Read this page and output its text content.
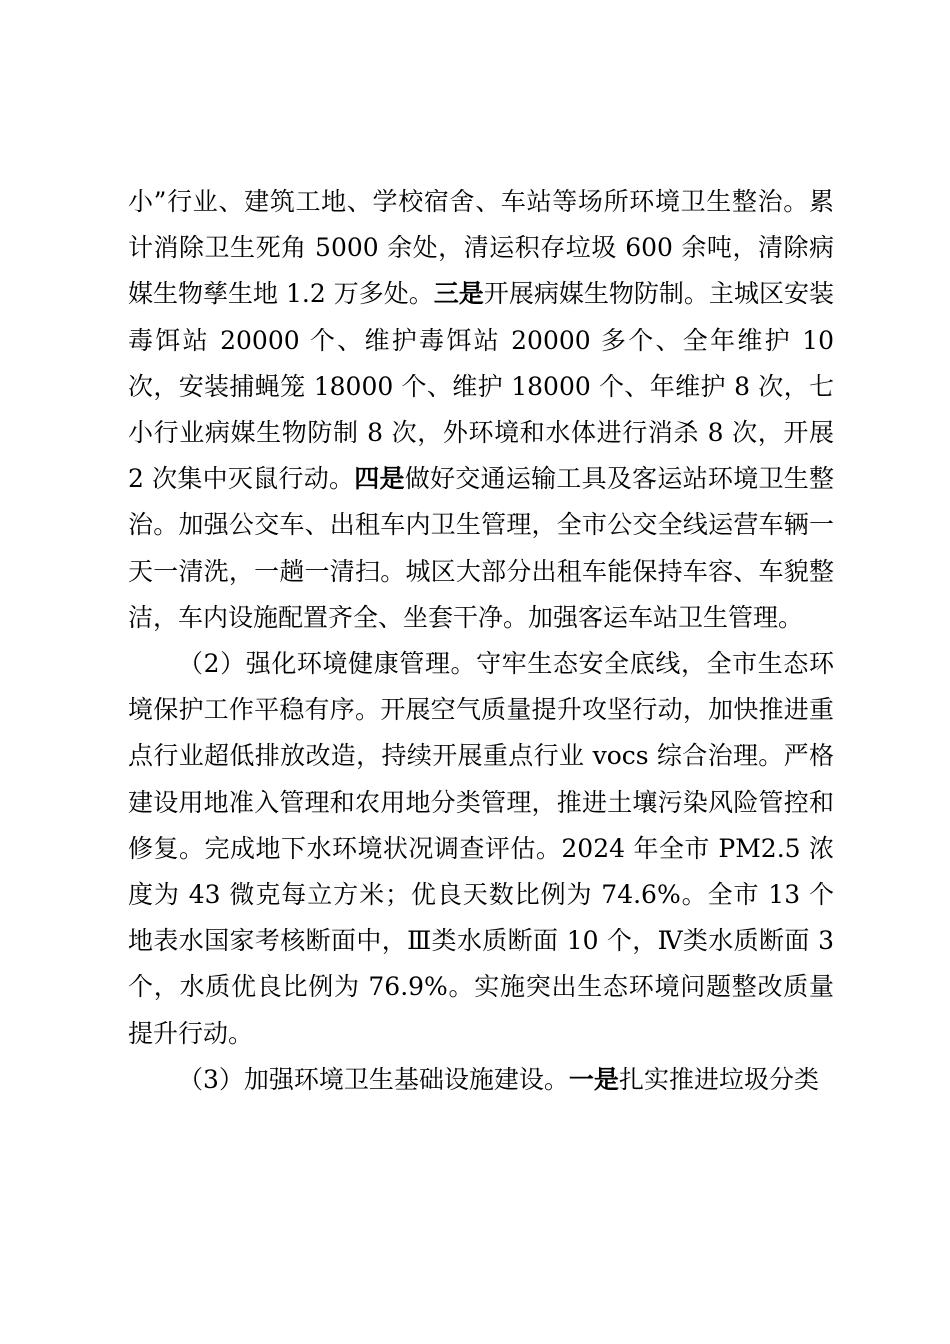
小”行业、建筑工地、学校宿舍、车站等场所环境卫生整治。累计消除卫生死角 5000 余处，清运积存垃圾 600 余吨，清除病媒生物孳生地 1.2 万多处。三是开展病媒生物防制。主城区安装毒饵站 20000 个、维护毒饵站 20000 多个、全年维护 10 次，安装捕蝇笼 18000 个、维护 18000 个、年维护 8 次，七小行业病媒生物防制 8 次，外环境和水体进行消杀 8 次，开展 2 次集中灭鼠行动。四是做好交通运输工具及客运站环境卫生整治。加强公交车、出租车内卫生管理，全市公交全线运营车辆一天一清洗，一趟一清扫。城区大部分出租车能保持车容、车貌整洁，车内设施配置齐全、坐套干净。加强客运车站卫生管理。

（2）强化环境健康管理。守牢生态安全底线，全市生态环境保护工作平稳有序。开展空气质量提升攻坚行动，加快推进重点行业超低排放改造，持续开展重点行业 vocs 综合治理。严格建设用地准入管理和农用地分类管理，推进土壤污染风险管控和修复。完成地下水环境状况调查评估。2024 年全市 PM2.5 浓度为 43 微克每立方米；优良天数比例为 74.6%。全市 13 个地表水国家考核断面中，Ⅲ类水质断面 10 个，Ⅳ类水质断面 3 个，水质优良比例为 76.9%。实施突出生态环境问题整改质量提升行动。

（3）加强环境卫生基础设施建设。一是扎实推进垃圾分类
